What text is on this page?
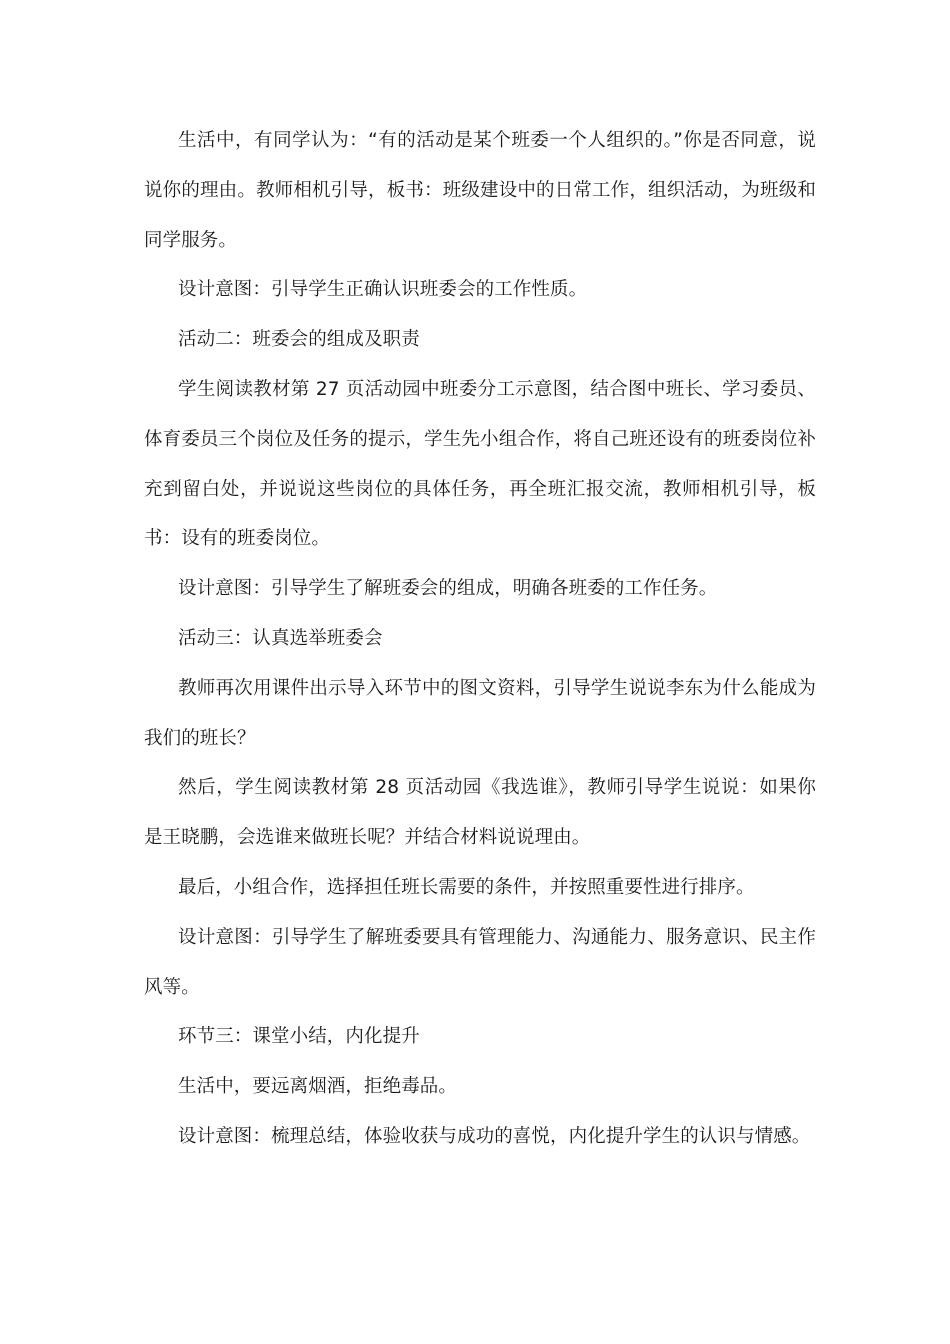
生活中，有同学认为：“有的活动是某个班委一个人组织的。”你是否同意，说说你的理由。教师相机引导，板书：班级建设中的日常工作，组织活动，为班级和同学服务。

设计意图：引导学生正确认识班委会的工作性质。

活动二：班委会的组成及职责

学生阅读教材第 27 页活动园中班委分工示意图，结合图中班长、学习委员、体育委员三个岗位及任务的提示，学生先小组合作，将自己班还设有的班委岗位补充到留白处，并说说这些岗位的具体任务，再全班汇报交流，教师相机引导，板书：设有的班委岗位。

设计意图：引导学生了解班委会的组成，明确各班委的工作任务。

活动三：认真选举班委会

教师再次用课件出示导入环节中的图文资料，引导学生说说李东为什么能成为我们的班长？

然后，学生阅读教材第 28 页活动园《我选谁》，教师引导学生说说：如果你是王晓鹏，会选谁来做班长呢？并结合材料说说理由。

最后，小组合作，选择担任班长需要的条件，并按照重要性进行排序。

设计意图：引导学生了解班委要具有管理能力、沟通能力、服务意识、民主作风等。

环节三：课堂小结，内化提升

生活中，要远离烟酒，拒绝毒品。

设计意图：梳理总结，体验收获与成功的喜悦，内化提升学生的认识与情感。
